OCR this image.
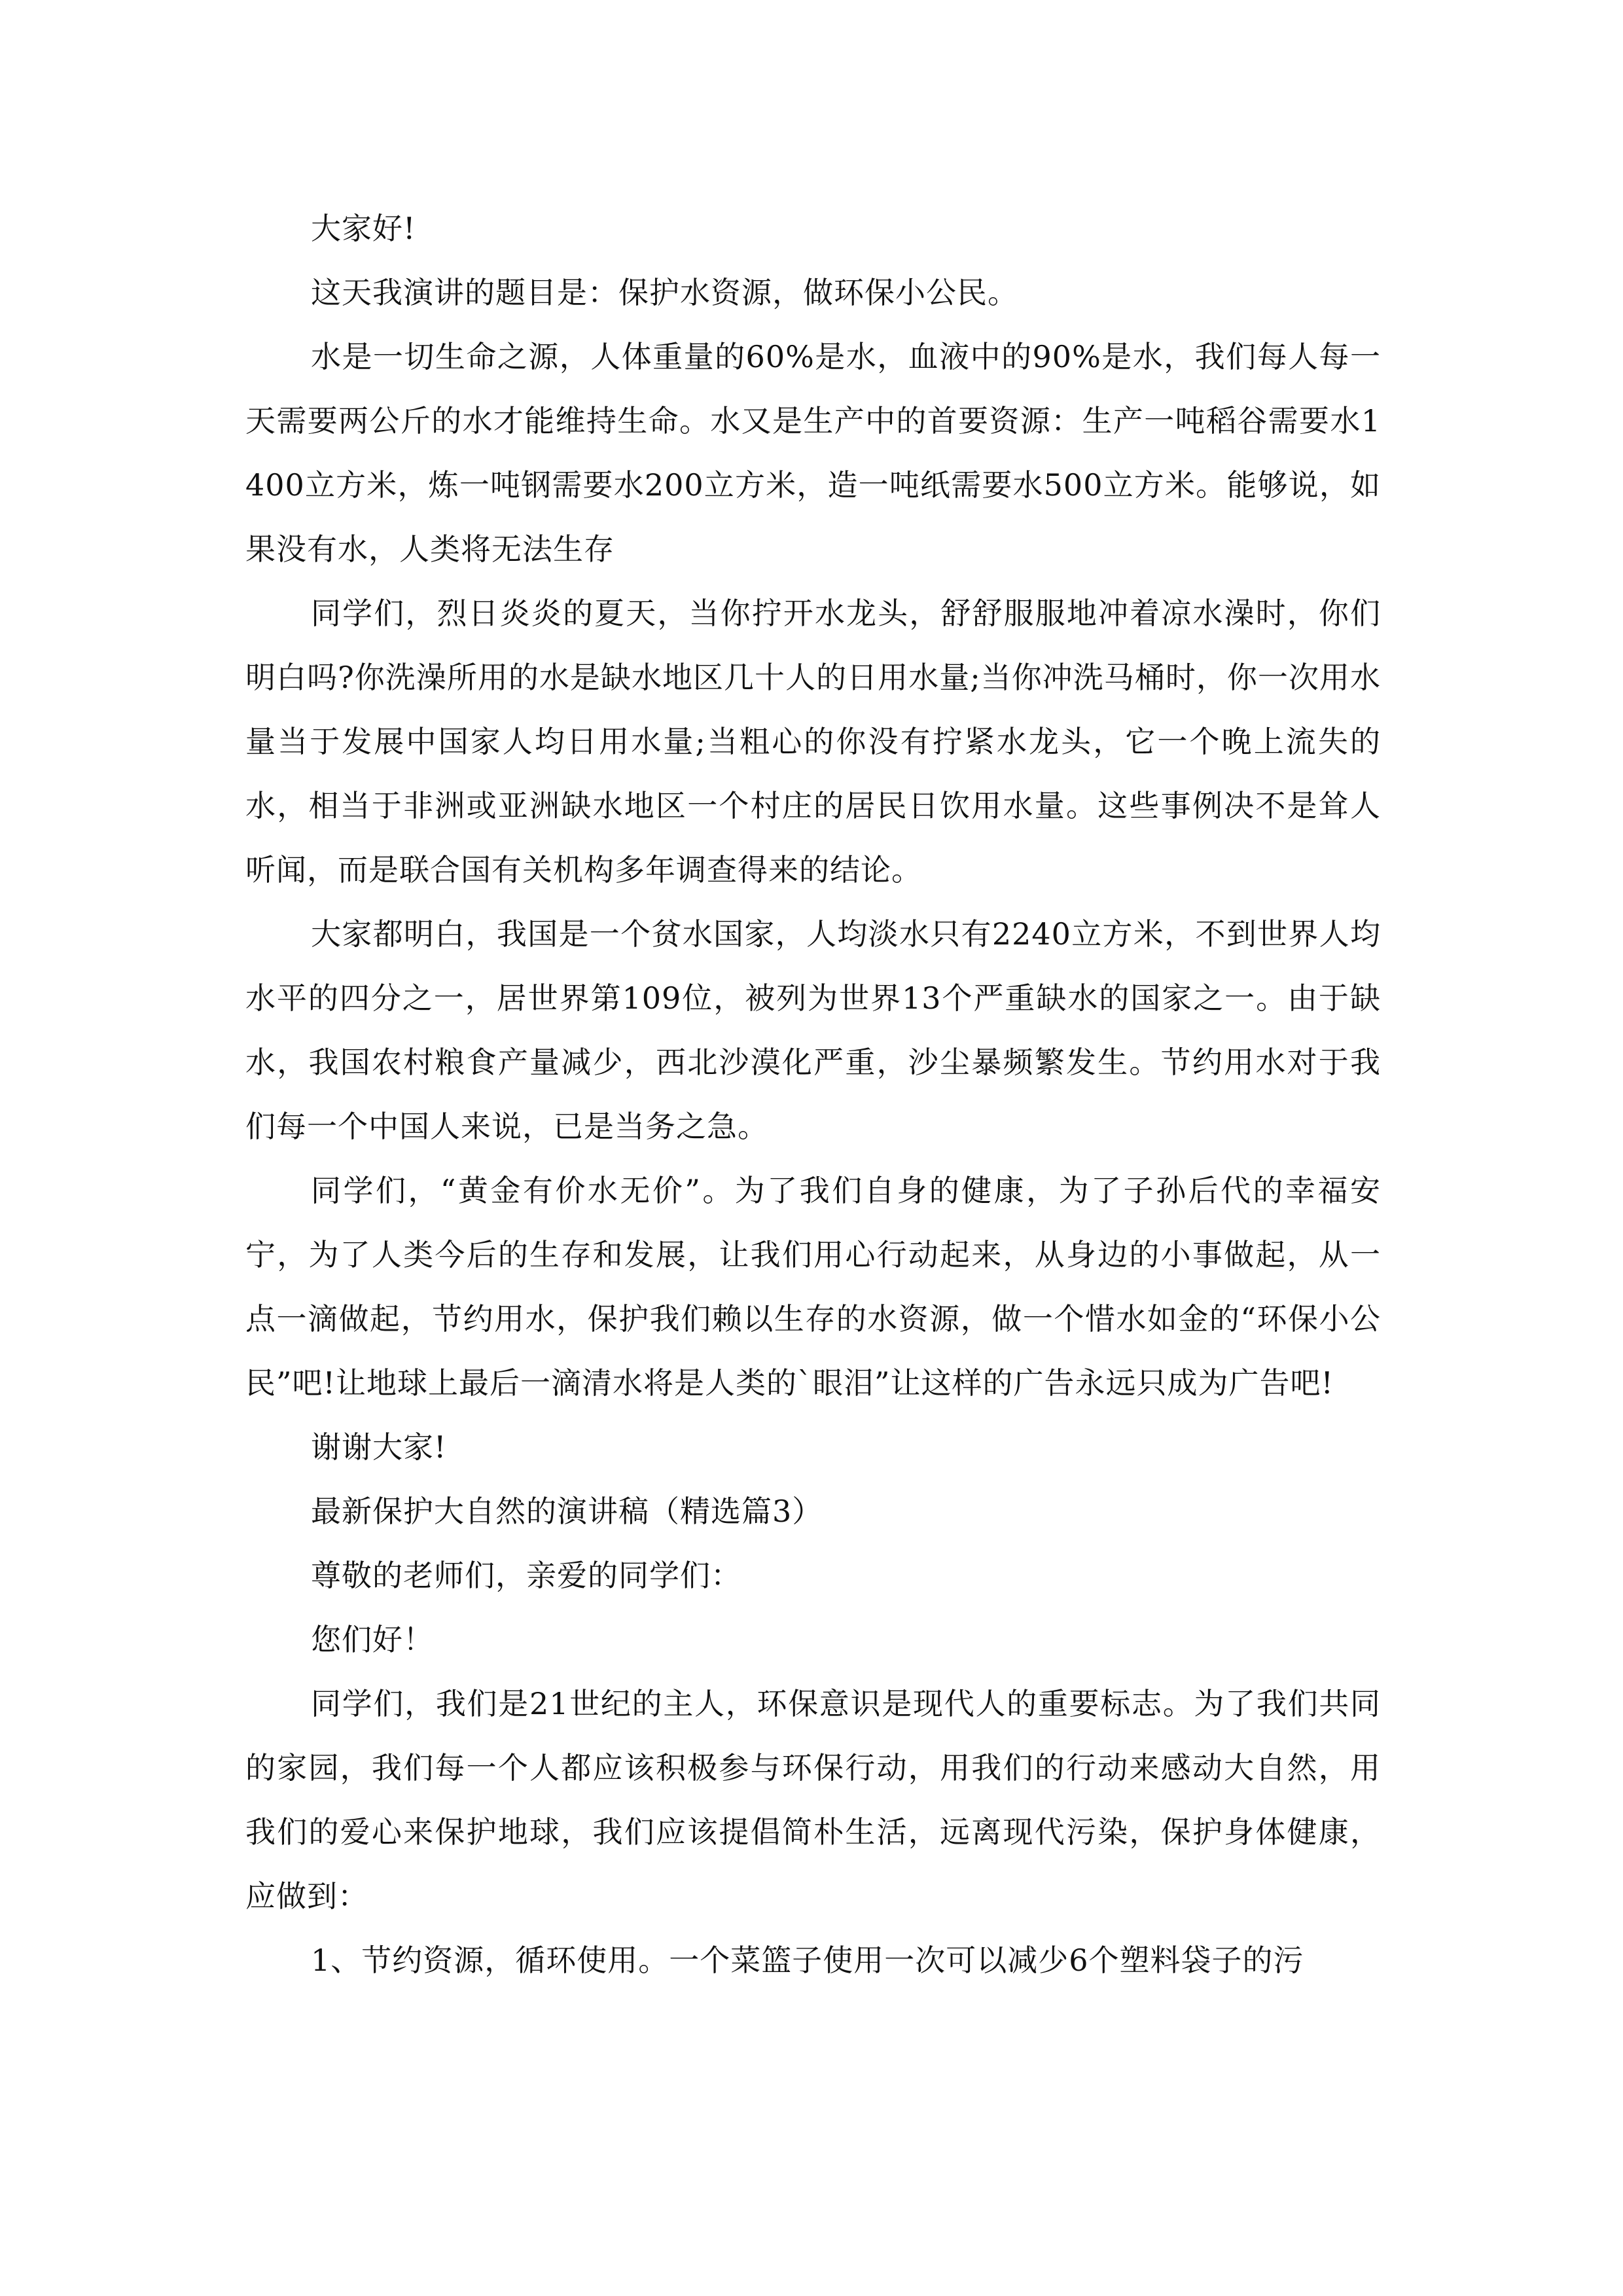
大家好!

这天我演讲的题目是：保护水资源，做环保小公民。

水是一切生命之源，人体重量的60%是水，血液中的90%是水，我们每人每一天需要两公斤的水才能维持生命。水又是生产中的首要资源：生产一吨稻谷需要水1400立方米，炼一吨钢需要水200立方米，造一吨纸需要水500立方米。能够说，如果没有水，人类将无法生存

同学们，烈日炎炎的夏天，当你拧开水龙头，舒舒服服地冲着凉水澡时，你们明白吗?你洗澡所用的水是缺水地区几十人的日用水量;当你冲洗马桶时，你一次用水量当于发展中国家人均日用水量;当粗心的你没有拧紧水龙头，它一个晚上流失的水，相当于非洲或亚洲缺水地区一个村庄的居民日饮用水量。这些事例决不是耸人听闻，而是联合国有关机构多年调查得来的结论。

大家都明白，我国是一个贫水国家，人均淡水只有2240立方米，不到世界人均水平的四分之一，居世界第109位，被列为世界13个严重缺水的国家之一。由于缺水，我国农村粮食产量减少，西北沙漠化严重，沙尘暴频繁发生。节约用水对于我们每一个中国人来说，已是当务之急。

同学们，“黄金有价水无价”。为了我们自身的健康，为了子孙后代的幸福安宁，为了人类今后的生存和发展，让我们用心行动起来，从身边的小事做起，从一点一滴做起，节约用水，保护我们赖以生存的水资源，做一个惜水如金的“环保小公民”吧!让地球上最后一滴清水将是人类的`眼泪”让这样的广告永远只成为广告吧!

谢谢大家!

最新保护大自然的演讲稿（精选篇3）

尊敬的老师们，亲爱的同学们：

您们好！

同学们，我们是21世纪的主人，环保意识是现代人的重要标志。为了我们共同的家园，我们每一个人都应该积极参与环保行动，用我们的行动来感动大自然，用我们的爱心来保护地球，我们应该提倡简朴生活，远离现代污染，保护身体健康，应做到：

1、节约资源，循环使用。一个菜篮子使用一次可以减少6个塑料袋子的污
